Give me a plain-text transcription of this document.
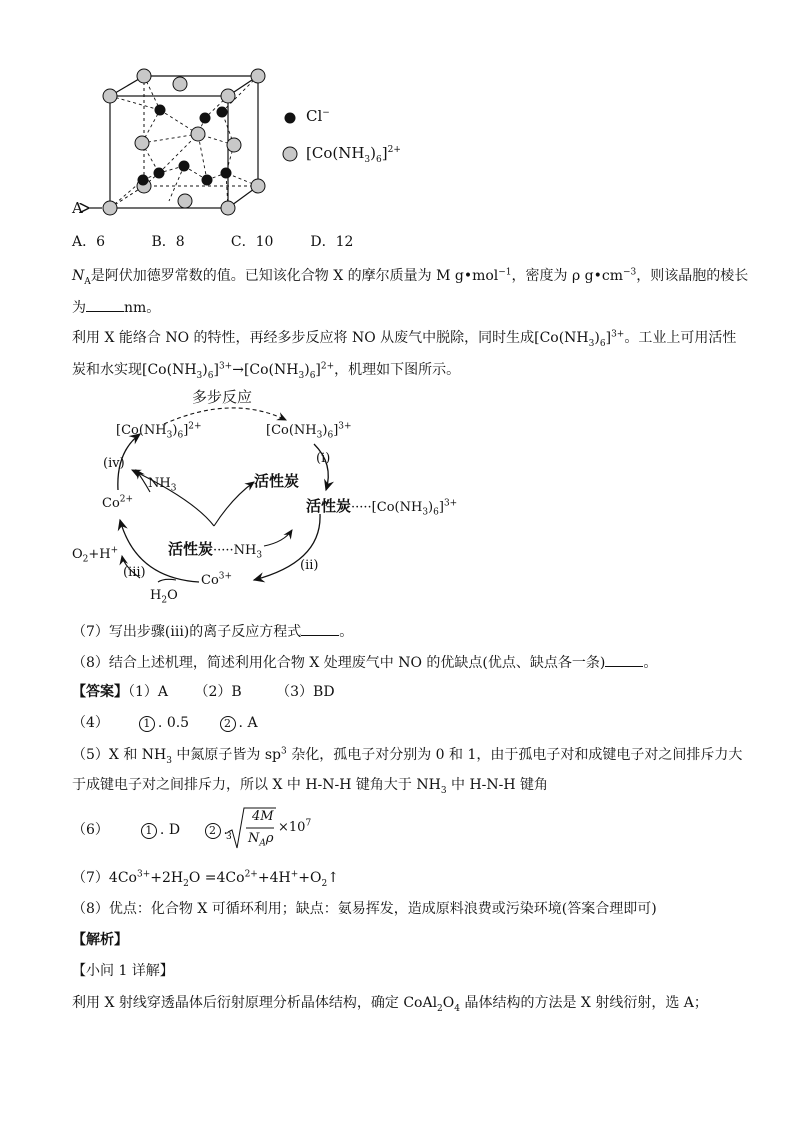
A
Cl−
$[Co(NH_3)_6]^{2+}$
A．6	B．8	C．10	D．12
$N_A$是阿伏加德罗常数的值。已知该化合物 X 的摩尔质量为 M g•mol$^{-1}$，密度为 ρ $g•cm^{-3}$，则该晶胞的棱长
为	nm。
利用 X 能络合 NO 的特性，再经多步反应将 NO 从废气中脱除，同时生成$[Co(NH_3)_6]^{3+}$。工业上可用活性
炭和水实现$[Co(NH_3)_6]^{3+}\to[Co(NH_3)_6]^{2+}$，机理如下图所示。
多步反应
$[Co(NH_3)_6]^{2+}$	$[Co(NH_3)_6]^{3+}$
(iv)	(i)
$NH_3$	活性炭
$Co^{2+}$	活性炭$\cdot\cdot\cdot\cdot\cdot[Co(NH_3)_6]^{3+}$
活性炭$\cdot\cdot\cdot\cdot\cdot NH_3$
$O_2+H^+$
(iii)	(ii)
$Co^{3+}$
$H_2O$
（7）写出步骤(iii)的离子反应方程式	。
（8）结合上述机理，简述利用化合物 X 处理废气中 NO 的优缺点(优点、缺点各一条)	。
【答案】（1）A （2）B （3）BD
（4）	1 . 0.5	2 . A
（5）X 和 $NH_3$ 中氮原子皆为 $sp^3$ 杂化，孤电子对分别为 0 和 1，由于孤电子对和成键电子对之间排斥力大
于成键电子对之间排斥力，所以 X 中 H-N-H 键角大于 $NH_3$ 中 H-N-H 键角
（6）	1 . D	2 .
3
4M
$N_A\rho$
$\times 10^7$
$(7)4Co^{3+}+2H_2O$ $=4Co^{2+}+4H^++O_2↑$
（8）优点：化合物 X 可循环利用；缺点：氨易挥发，造成原料浪费或污染环境(答案合理即可)
【解析】
【小问 1 详解】
利用 X 射线穿透晶体后衍射原理分析晶体结构，确定 $CoAl_2O_4$ 晶体结构的方法是 X 射线衍射，选 A；
